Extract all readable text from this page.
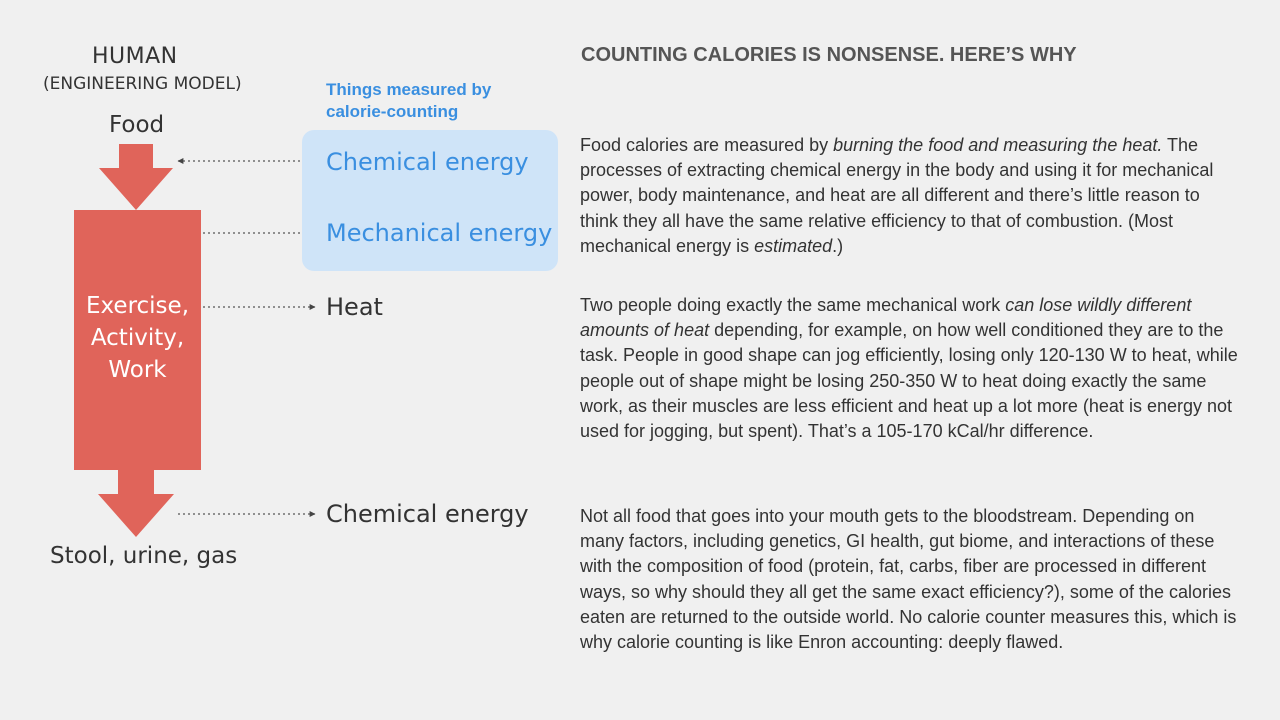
HUMAN
(ENGINEERING MODEL)
Food
Stool, urine, gas
Things measured by calorie-counting
Chemical energy
Mechanical energy
Heat
Chemical energy
Exercise,
Activity,
Work
COUNTING CALORIES IS NONSENSE. HERE’S WHY

Food calories are measured by burning the food and measuring the heat. The processes of extracting chemical energy in the body and using it for mechanical power, body maintenance, and heat are all different and there’s little reason to think they all have the same relative efficiency to that of combustion. (Most mechanical energy is estimated.)

Two people doing exactly the same mechanical work can lose wildly different amounts of heat depending, for example, on how well conditioned they are to the task. People in good shape can jog efficiently, losing only 120-130 W to heat, while people out of shape might be losing 250-350 W to heat doing exactly the same work, as their muscles are less efficient and heat up a lot more (heat is energy not used for jogging, but spent). That’s a 105-170 kCal/hr difference.

Not all food that goes into your mouth gets to the bloodstream. Depending on many factors, including genetics, GI health, gut biome, and interactions of these with the composition of food (protein, fat, carbs, fiber are processed in different ways, so why should they all get the same exact efficiency?), some of the calories eaten are returned to the outside world. No calorie counter measures this, which is why calorie counting is like Enron accounting: deeply flawed.
